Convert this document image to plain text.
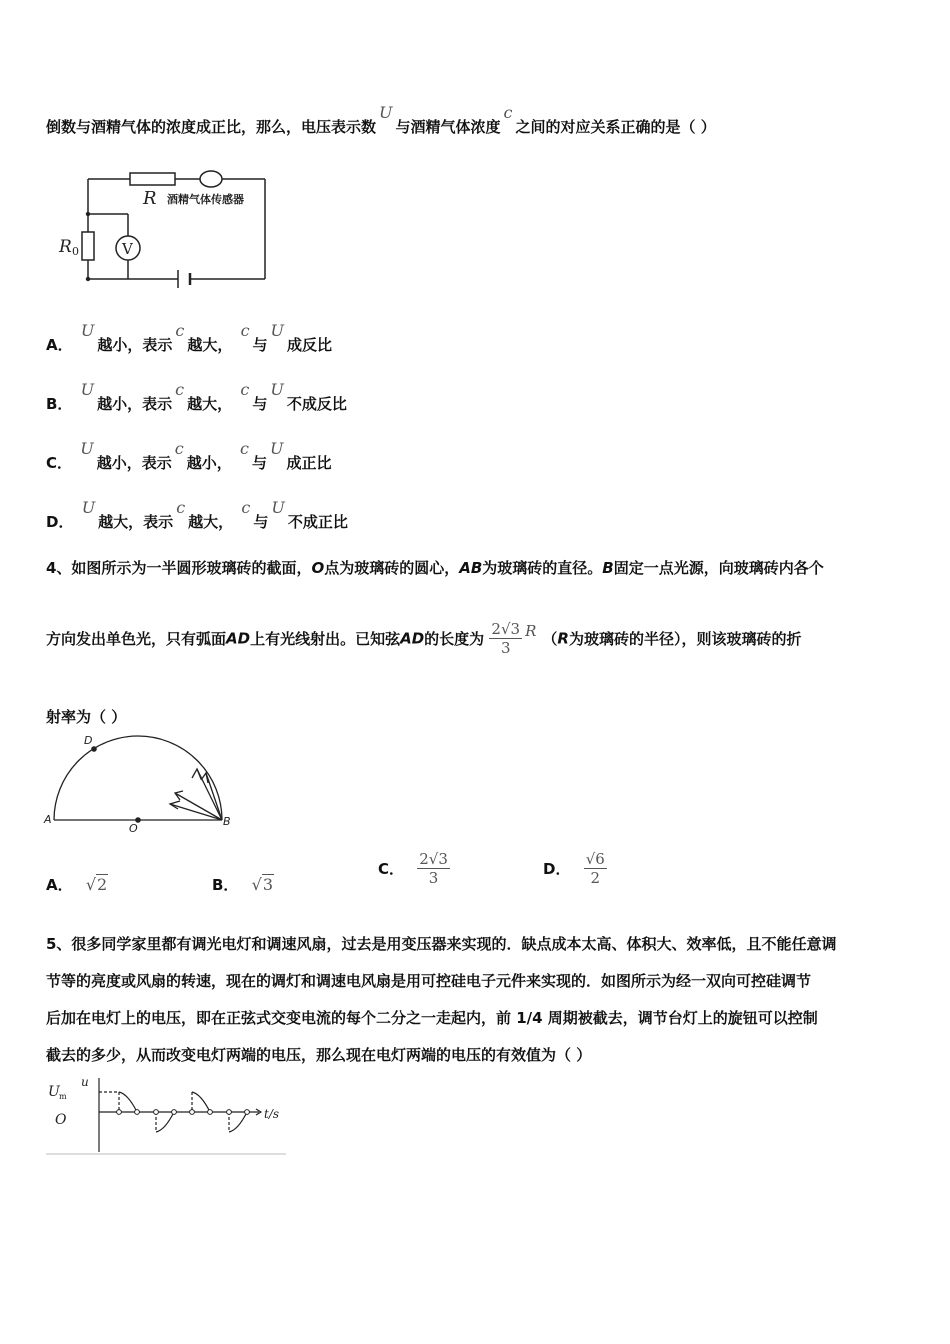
倒数与酒精气体的浓度成正比，那么，电压表示数U与酒精气体浓度c之间的对应关系正确的是（ ）
R 酒精气体传感器
R 0	V
A． U越小，表示c越大， c与U成反比
B． U越小，表示c越大， c与U不成反比
C． U越小，表示c越小， c与U成正比
D． U越大，表示c越大， c与U不成正比
4、如图所示为一半圆形玻璃砖的截面，O点为玻璃砖的圆心，AB为玻璃砖的直径。B固定一点光源，向玻璃砖内各个
方向发出单色光，只有弧面AD上有光线射出。已知弦AD的长度为 $\frac{2√3}{3}$ R （R为玻璃砖的半径），则该玻璃砖的折
射率为（ ）
D
A
O
B
A． √2	B． √3
C． $\frac{2√3}{3}$	D． $\frac{√6}{2}$
5、很多同学家里都有调光电灯和调速风扇，过去是用变压器来实现的．缺点成本太高、体积大、效率低，且不能任意调
节等的亮度或风扇的转速，现在的调灯和调速电风扇是用可控硅电子元件来实现的．如图所示为经一双向可控硅调节
后加在电灯上的电压，即在正弦式交变电流的每个二分之一走起内，前 1/4 周期被截去，调节台灯上的旋钮可以控制
截去的多少，从而改变电灯两端的电压，那么现在电灯两端的电压的有效值为（ ）
U m
u
O	t/s
